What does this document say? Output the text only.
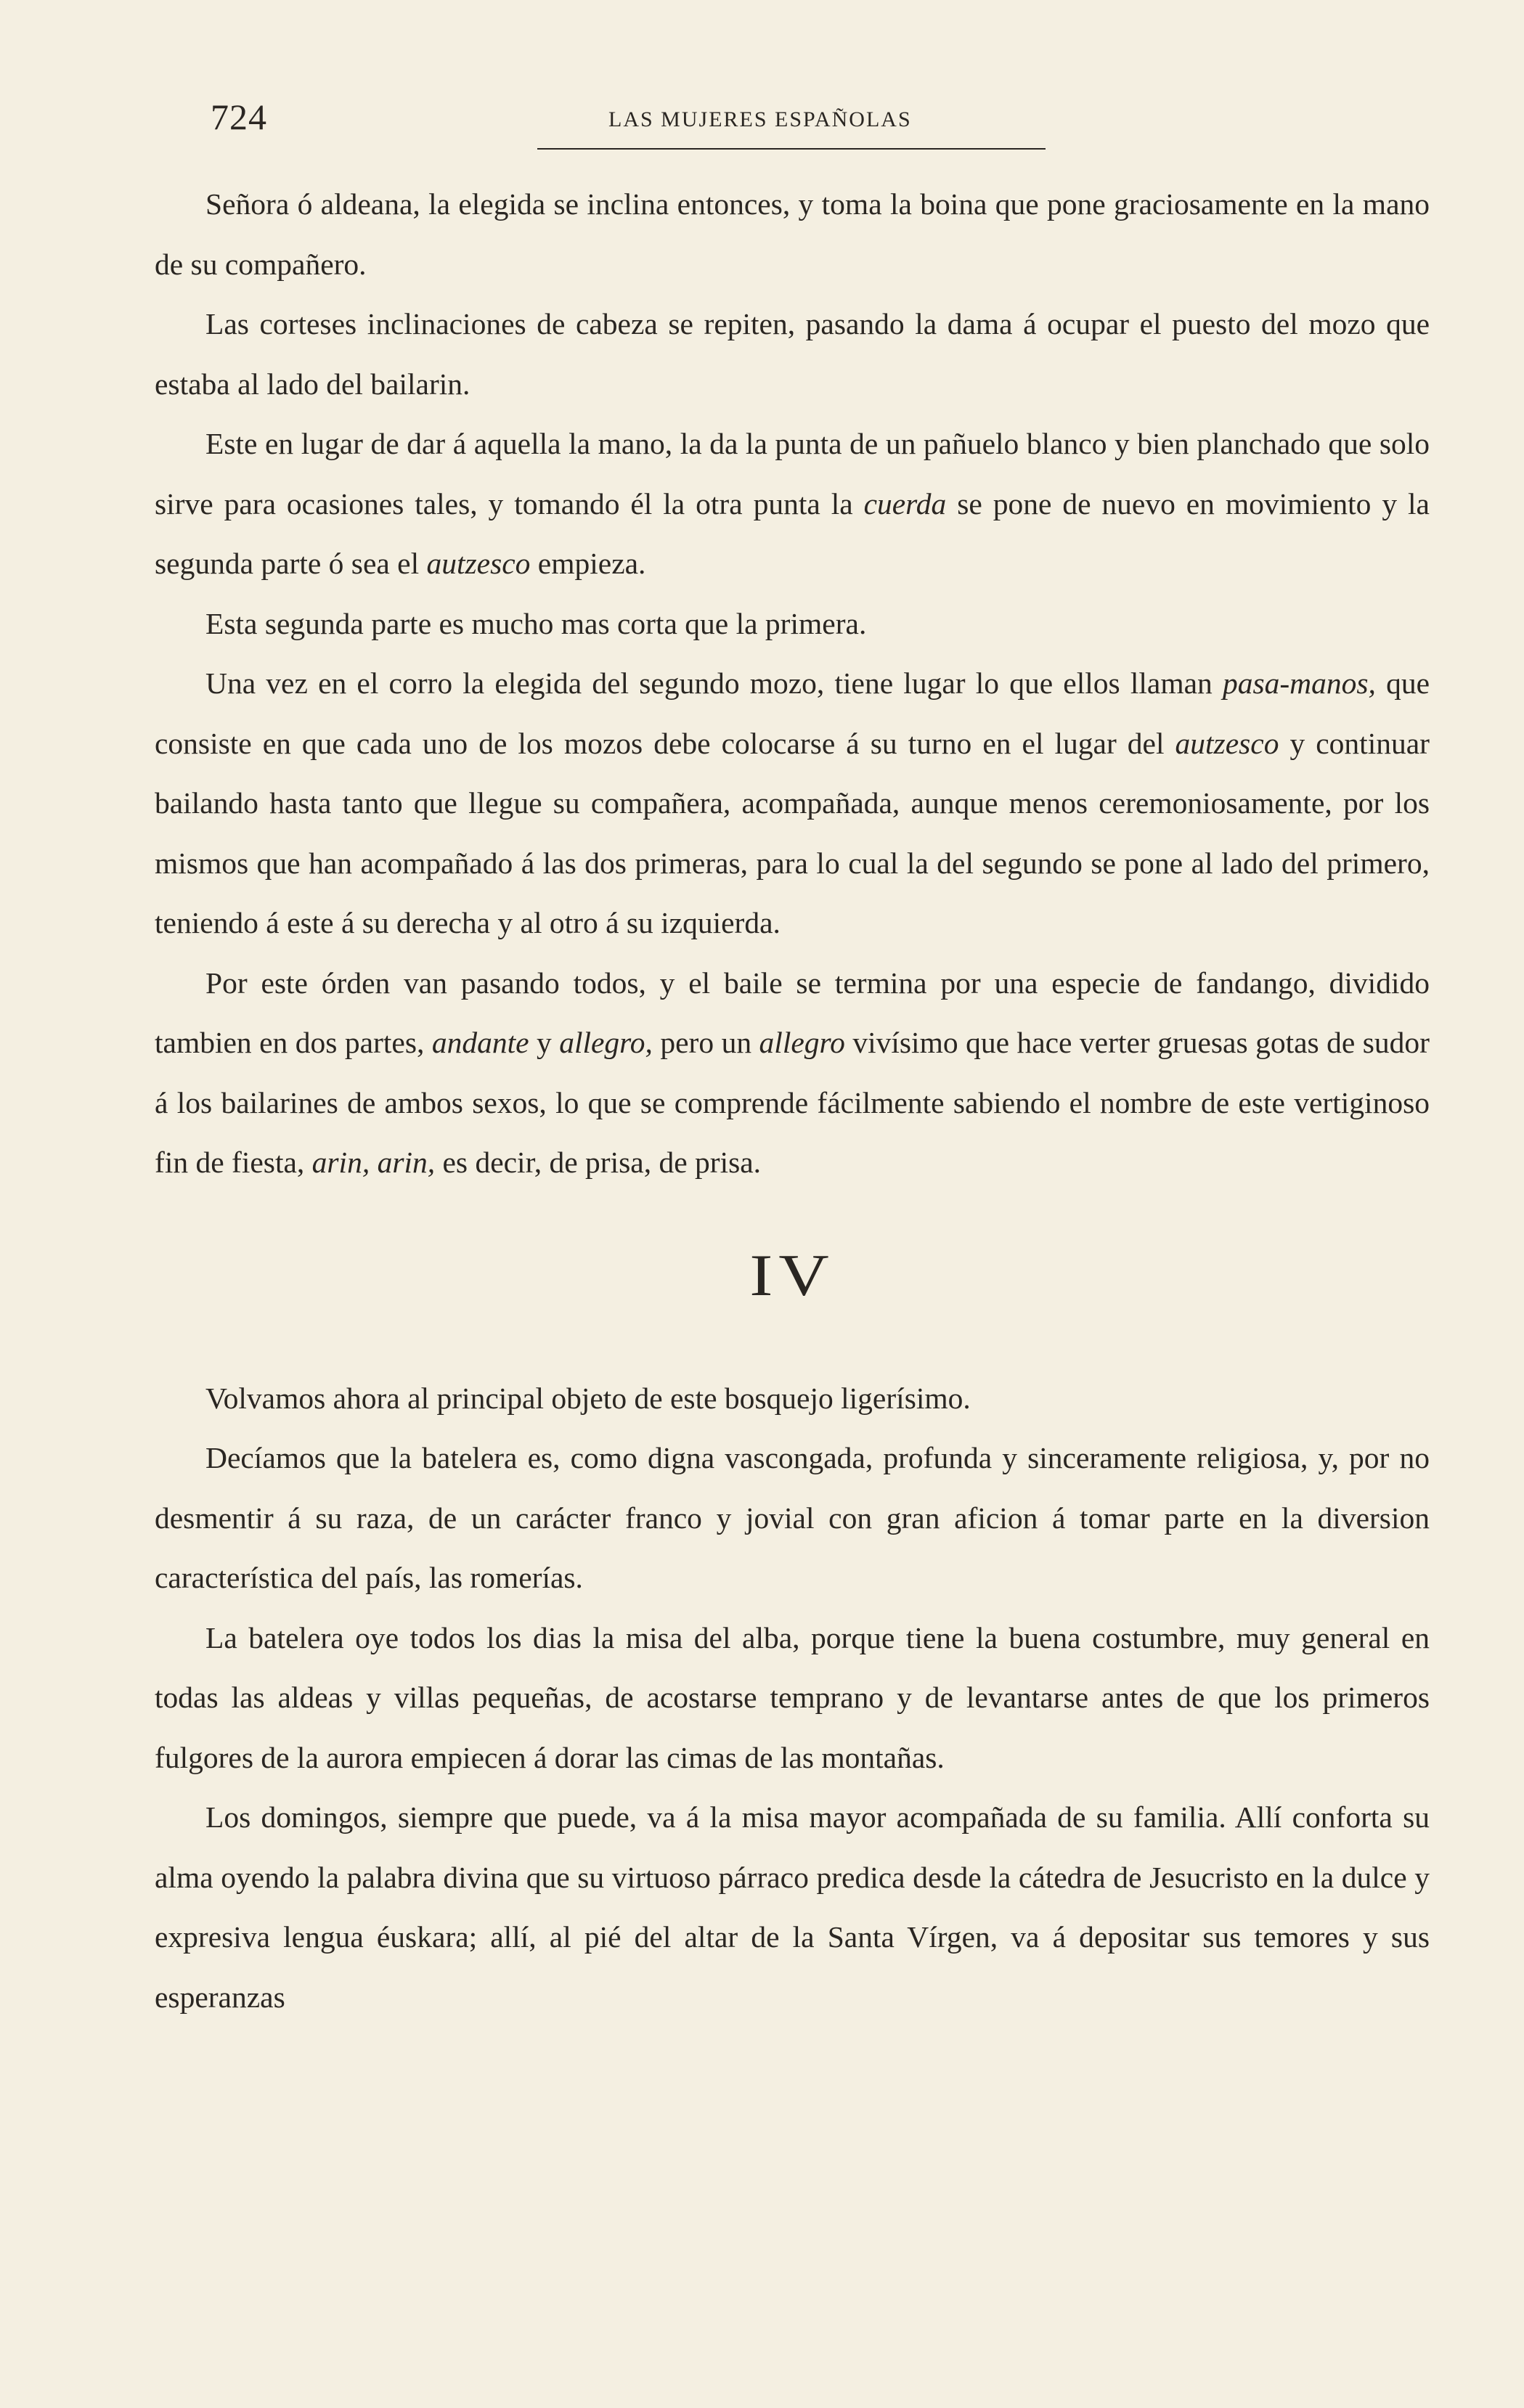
724	LAS MUJERES ESPAÑOLAS

Señora ó aldeana, la elegida se inclina entonces, y toma la boina que pone graciosamente en la mano de su compañero.

Las corteses inclinaciones de cabeza se repiten, pasando la dama á ocupar el puesto del mozo que estaba al lado del bailarin.

Este en lugar de dar á aquella la mano, la da la punta de un pañuelo blanco y bien planchado que solo sirve para ocasiones tales, y tomando él la otra punta la cuerda se pone de nuevo en movimiento y la segunda parte ó sea el autzesco empieza.

Esta segunda parte es mucho mas corta que la primera.

Una vez en el corro la elegida del segundo mozo, tiene lugar lo que ellos llaman pasa-manos, que consiste en que cada uno de los mozos debe colocarse á su turno en el lugar del autzesco y continuar bailando hasta tanto que llegue su compañera, acompañada, aunque menos ceremoniosamente, por los mismos que han acompañado á las dos primeras, para lo cual la del segundo se pone al lado del primero, teniendo á este á su derecha y al otro á su izquierda.

Por este órden van pasando todos, y el baile se termina por una especie de fandango, dividido tambien en dos partes, andante y allegro, pero un allegro vivísimo que hace verter gruesas gotas de sudor á los bailarines de ambos sexos, lo que se comprende fácilmente sabiendo el nombre de este vertiginoso fin de fiesta, arin, arin, es decir, de prisa, de prisa.

IV

Volvamos ahora al principal objeto de este bosquejo ligerísimo.

Decíamos que la batelera es, como digna vascongada, profunda y sinceramente religiosa, y, por no desmentir á su raza, de un carácter franco y jovial con gran aficion á tomar parte en la diversion característica del país, las romerías.

La batelera oye todos los dias la misa del alba, porque tiene la buena costumbre, muy general en todas las aldeas y villas pequeñas, de acostarse temprano y de levantarse antes de que los primeros fulgores de la aurora empiecen á dorar las cimas de las montañas.

Los domingos, siempre que puede, va á la misa mayor acompañada de su familia. Allí conforta su alma oyendo la palabra divina que su virtuoso párraco predica desde la cátedra de Jesucristo en la dulce y expresiva lengua éuskara; allí, al pié del altar de la Santa Vírgen, va á depositar sus temores y sus esperanzas
